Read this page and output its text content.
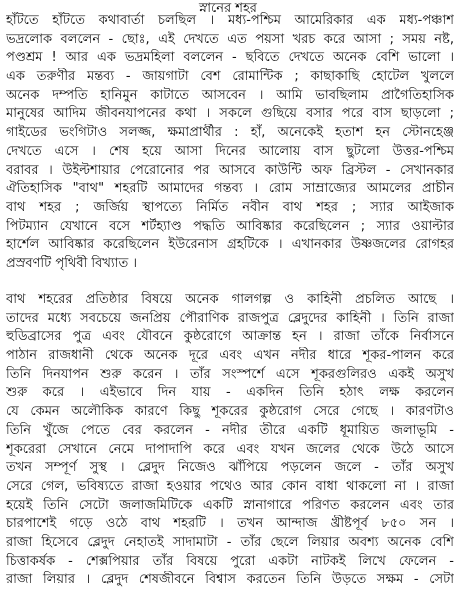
স্নানের শহর
হাঁটতে হাঁটতে কথাবার্তা চলছিল । মধ্য-পশ্চিম আমেরিকার এক মধ্য-পঞ্চাশ
ভদ্রলোক বললেন - ছোঃ, এই দেখতে এত পয়সা খরচ করে আসা ; সময় নষ্ট,
পণ্ডশ্রম ! আর এক ভদ্রমহিলা বললেন - ছবিতে দেখতে অনেক বেশি ভালো ।
এক তরুণীর মন্তব্য - জায়গাটা বেশ রোমান্টিক ; কাছাকাছি হোটেল খুললে
অনেক দম্পতি হানিমুন কাটাতে আসবেন । আমি ভাবছিলাম প্রাগৈতিহাসিক
মানুষের আদিম জীবনযাপনের কথা । সকলে গুছিয়ে বসার পরে বাস ছাড়লো ;
গাইডের ভংগিটাও সলজ্জ, ক্ষমাপ্রার্থীর : হাঁ, অনেকেই হতাশ হন স্টোনহেঞ্জ
দেখতে এসে । শেষ হয়ে আসা দিনের আলোয় বাস ছুটলো উত্তর-পশ্চিম
বরাবর । উইল্টশায়ার পেরোনোর পর আসবে কাউন্টি অফ ব্রিস্টল - সেখানকার
ঐতিহাসিক "বাথ" শহরটি আমাদের গন্তব্য । রোম সাম্রাজ্যের আমলের প্রাচীন
বাথ শহর ; জর্জিয় স্থাপত্যে নির্মিত নবীন বাথ শহর ; স্যার আইজাক
পিটম্যান যেখানে বসে শর্টহ্যাণ্ড পদ্ধতি আবিষ্কার করেছিলেন ; স্যার ওয়াল্টার
হার্শেল আবিষ্কার করেছিলেন ইউরেনাস গ্রহটিকে । এখানকার উষ্ণজলের রোগহর
প্রস্রবণটি পৃথিবী বিখ্যাত ।
বাথ শহরের প্রতিষ্ঠার বিষয়ে অনেক গালগল্প ও কাহিনী প্রচলিত আছে ।
তাদের মধ্যে সবচেয়ে জনপ্রিয় পৌরাণিক রাজপুত্র ব্লেদুদের কাহিনী । তিনি রাজা
হুডিব্রাসের পুত্র এবং যৌবনে কুষ্ঠরোগে আক্রান্ত হন । রাজা তাঁকে নির্বাসনে
পাঠান রাজধানী থেকে অনেক দূরে এবং এখন নদীর ধারে শূকর-পালন করে
তিনি দিনযাপন শুরু করেন । তাঁর সংস্পর্শে এসে শূকরগুলিরও একই অসুখ
শুরু করে । এইভাবে দিন যায় - একদিন তিনি হঠাৎ লক্ষ করলেন
যে কেমন অলৌকিক কারণে কিছু শূকরের কুষ্ঠরোগ সেরে গেছে । কারণটাও
তিনি খুঁজে পেতে বের করলেন - নদীর তীরে একটি ধূমায়িত জলাভূমি -
শূকরেরা সেখানে নেমে দাপাদাপি করে এবং যখন জলের থেকে উঠে আসে
তখন সম্পূর্ণ সুস্থ । ব্লেদুদ নিজেও ঝাঁপিয়ে পড়লেন জলে - তাঁর অসুখ
সেরে গেল, ভবিষ্যতে রাজা হওয়ার পথেও আর কোন বাধা থাকলো না । রাজা
হয়েই তিনি সেটো জলাজমিটিকে একটি স্নানাগারে পরিণত করলেন এবং তার
চারপাশেই গড়ে ওঠে বাথ শহরটি । তখন আন্দাজ খ্রীষ্টপূর্ব ৮৫০ সন ।
রাজা হিসেবে ব্লেদুদ নেহাতই সাদামাটা - তাঁর ছেলে লিয়ার অবশ্য অনেক বেশি
চিত্তাকর্ষক - শেক্সপিয়ার তাঁর বিষয়ে পুরো একটা নাটকই লিখে ফেলেন -
রাজা লিয়ার । ব্লেদুদ শেষজীবনে বিশ্বাস করতেন তিনি উড়তে সক্ষম - সেটা
